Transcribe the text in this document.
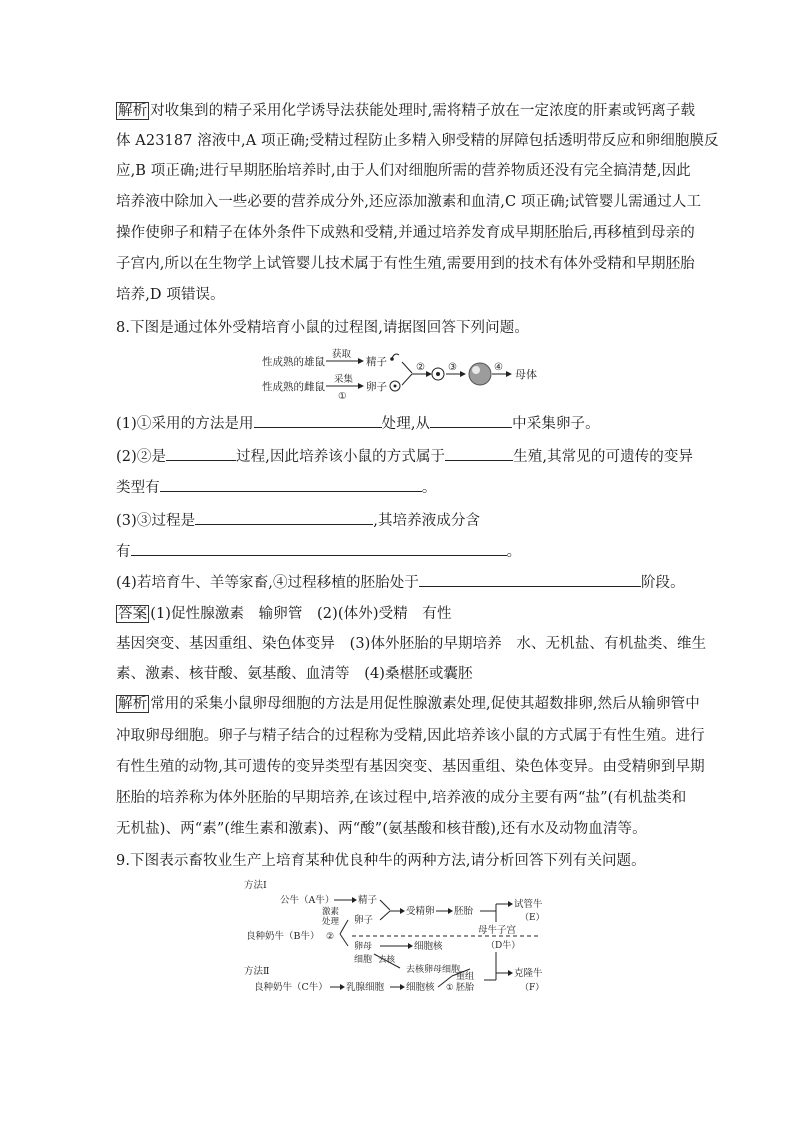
解析 对收集到的精子采用化学诱导法获能处理时,需将精子放在一定浓度的肝素或钙离子载
体 A23187 溶液中,A 项正确;受精过程防止多精入卵受精的屏障包括透明带反应和卵细胞膜反
应,B 项正确;进行早期胚胎培养时,由于人们对细胞所需的营养物质还没有完全搞清楚,因此
培养液中除加入一些必要的营养成分外,还应添加激素和血清,C 项正确;试管婴儿需通过人工
操作使卵子和精子在体外条件下成熟和受精,并通过培养发育成早期胚胎后,再移植到母亲的
子宫内,所以在生物学上试管婴儿技术属于有性生殖,需要用到的技术有体外受精和早期胚胎
培养,D 项错误。
8.下图是通过体外受精培育小鼠的过程图,请据图回答下列问题。
性成熟的雄鼠
获取
精子
性成熟的雌鼠
采集
①
卵子
② ③	④
母体
(1)①采用的方法是用	处理,从	中采集卵子。
(2)②是	过程,因此培养该小鼠的方式属于	生殖,其常见的可遗传的变异
类型有	。
(3)③过程是	,其培养液成分含
有	。
(4)若培育牛、羊等家畜,④过程移植的胚胎处于	阶段。
答案 (1)促性腺激素　输卵管　(2)(体外)受精　有性
基因突变、基因重组、染色体变异　(3)体外胚胎的早期培养　水、无机盐、有机盐类、维生
素、激素、核苷酸、氨基酸、血清等　(4)桑椹胚或囊胚
解析 常用的采集小鼠卵母细胞的方法是用促性腺激素处理,促使其超数排卵,然后从输卵管中
冲取卵母细胞。卵子与精子结合的过程称为受精,因此培养该小鼠的方式属于有性生殖。进行
有性生殖的动物,其可遗传的变异类型有基因突变、基因重组、染色体变异。由受精卵到早期
胚胎的培养称为体外胚胎的早期培养,在该过程中,培养液的成分主要有两“盐”(有机盐类和
无机盐)、两“素”(维生素和激素)、两“酸”(氨基酸和核苷酸),还有水及动物血清等。
9.下图表示畜牧业生产上培育某种优良种牛的两种方法,请分析回答下列有关问题。
方法Ⅰ
公牛（A牛） 精子
激素
处理 卵子
良种奶牛（B牛） ②
受精卵 胚胎
试管牛
（E）
母牛子宫
（D牛）
卵母
细胞 去核
细胞核
去核卵母细胞
方法Ⅱ
良种奶牛（C牛） 乳腺细胞 细胞核 ①
重组
胚胎
克隆牛
（F）
